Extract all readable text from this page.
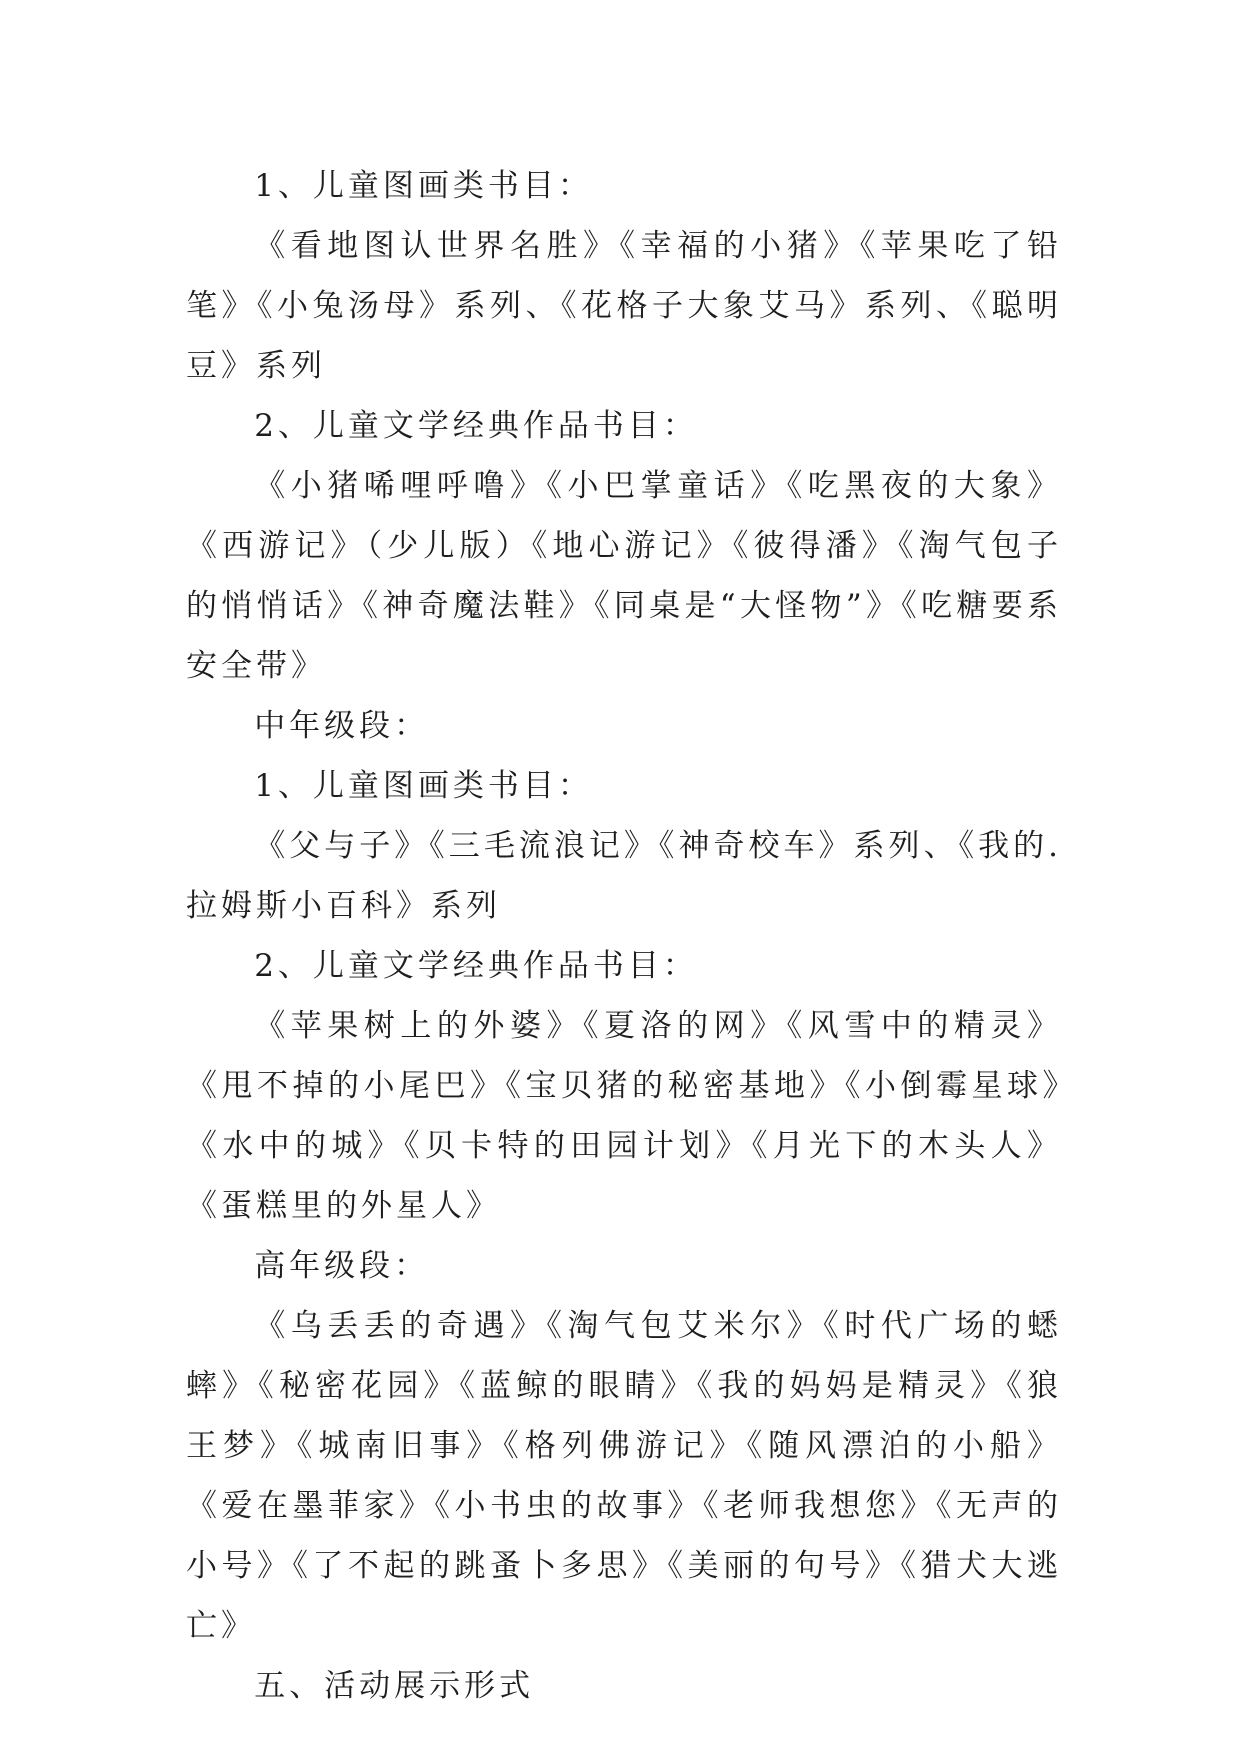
1、儿童图画类书目：

《看地图认世界名胜》《幸福的小猪》《苹果吃了铅笔》《小兔汤母》系列、《花格子大象艾马》系列、《聪明豆》系列

2、儿童文学经典作品书目：

《小猪唏哩呼噜》《小巴掌童话》《吃黑夜的大象》《西游记》（少儿版）《地心游记》《彼得潘》《淘气包子的悄悄话》《神奇魔法鞋》《同桌是“大怪物”》《吃糖要系安全带》

中年级段：

1、儿童图画类书目：

《父与子》《三毛流浪记》《神奇校车》系列、《我的.拉姆斯小百科》系列

2、儿童文学经典作品书目：

《苹果树上的外婆》《夏洛的网》《风雪中的精灵》《甩不掉的小尾巴》《宝贝猪的秘密基地》《小倒霉星球》《水中的城》《贝卡特的田园计划》《月光下的木头人》《蛋糕里的外星人》

高年级段：

《乌丢丢的奇遇》《淘气包艾米尔》《时代广场的蟋蟀》《秘密花园》《蓝鲸的眼睛》《我的妈妈是精灵》《狼王梦》《城南旧事》《格列佛游记》《随风漂泊的小船》《爱在墨菲家》《小书虫的故事》《老师我想您》《无声的小号》《了不起的跳蚤卜多思》《美丽的句号》《猎犬大逃亡》

五、活动展示形式
